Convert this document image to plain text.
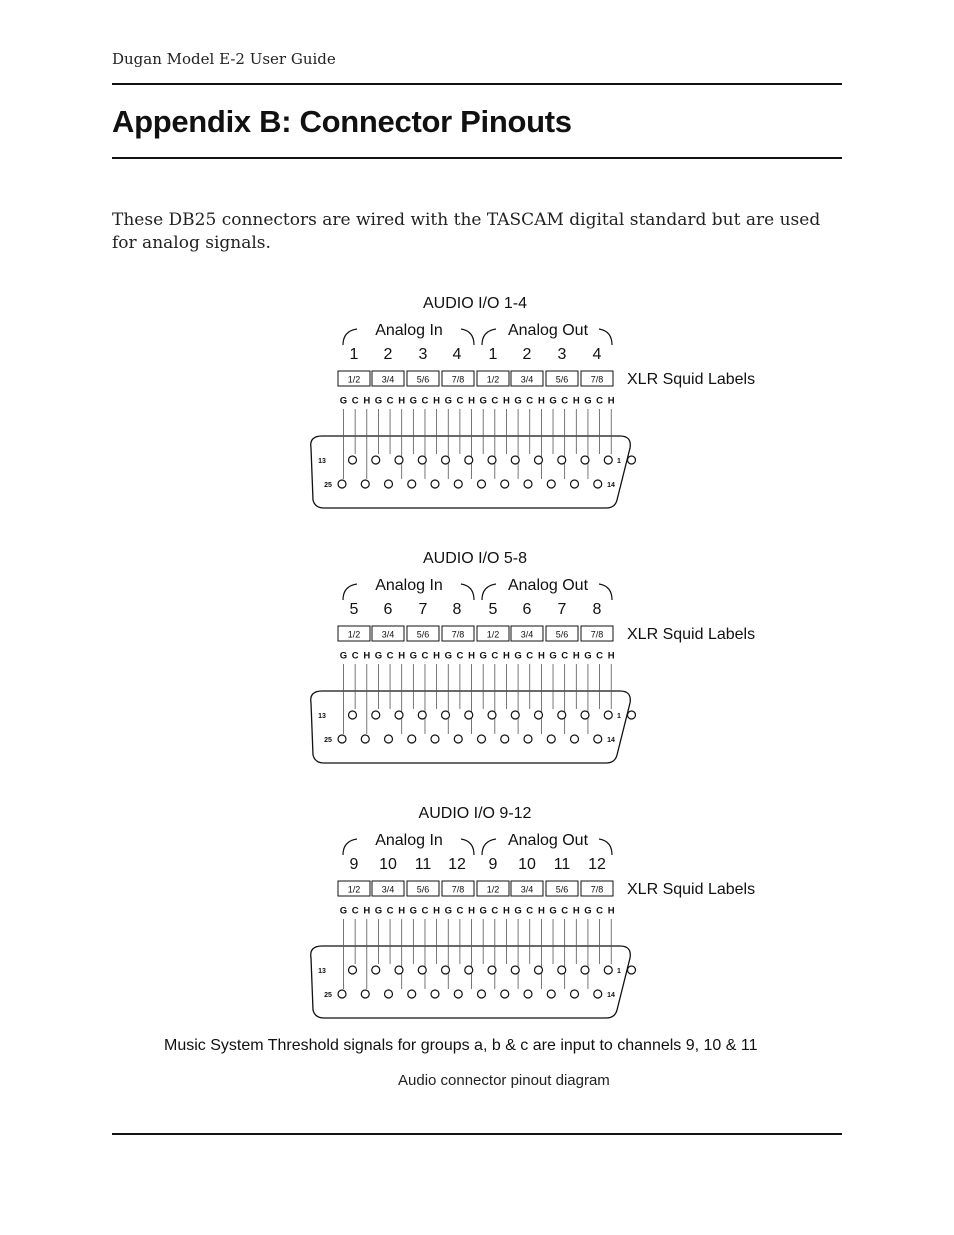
Dugan Model E-2 User Guide
Appendix B: Connector Pinouts
These DB25 connectors are wired with the TASCAM digital standard but are used for analog signals.
AUDIO I/O 1-4
Analog In	Analog Out
1 2 3 4 1 2 3 4
1/2 3/4 5/6 7/8 1/2 3/4 5/6 7/8 XLR Squid Labels
G C H G C H G C H G C H G C H G C H G C H G C H
13	1
25	14
AUDIO I/O 5-8
Analog In	Analog Out
5 6 7 8 5 6 7 8
1/2 3/4 5/6 7/8 1/2 3/4 5/6 7/8 XLR Squid Labels
G C H G C H G C H G C H G C H G C H G C H G C H
13	1
25	14
AUDIO I/O 9-12
Analog In	Analog Out
9 10 11 12 9 10 11 12
1/2 3/4 5/6 7/8 1/2 3/4 5/6 7/8 XLR Squid Labels
G C H G C H G C H G C H G C H G C H G C H G C H
13	1
25	14
Music System Threshold signals for groups a, b & c are input to channels 9, 10 & 11
Audio connector pinout diagram
